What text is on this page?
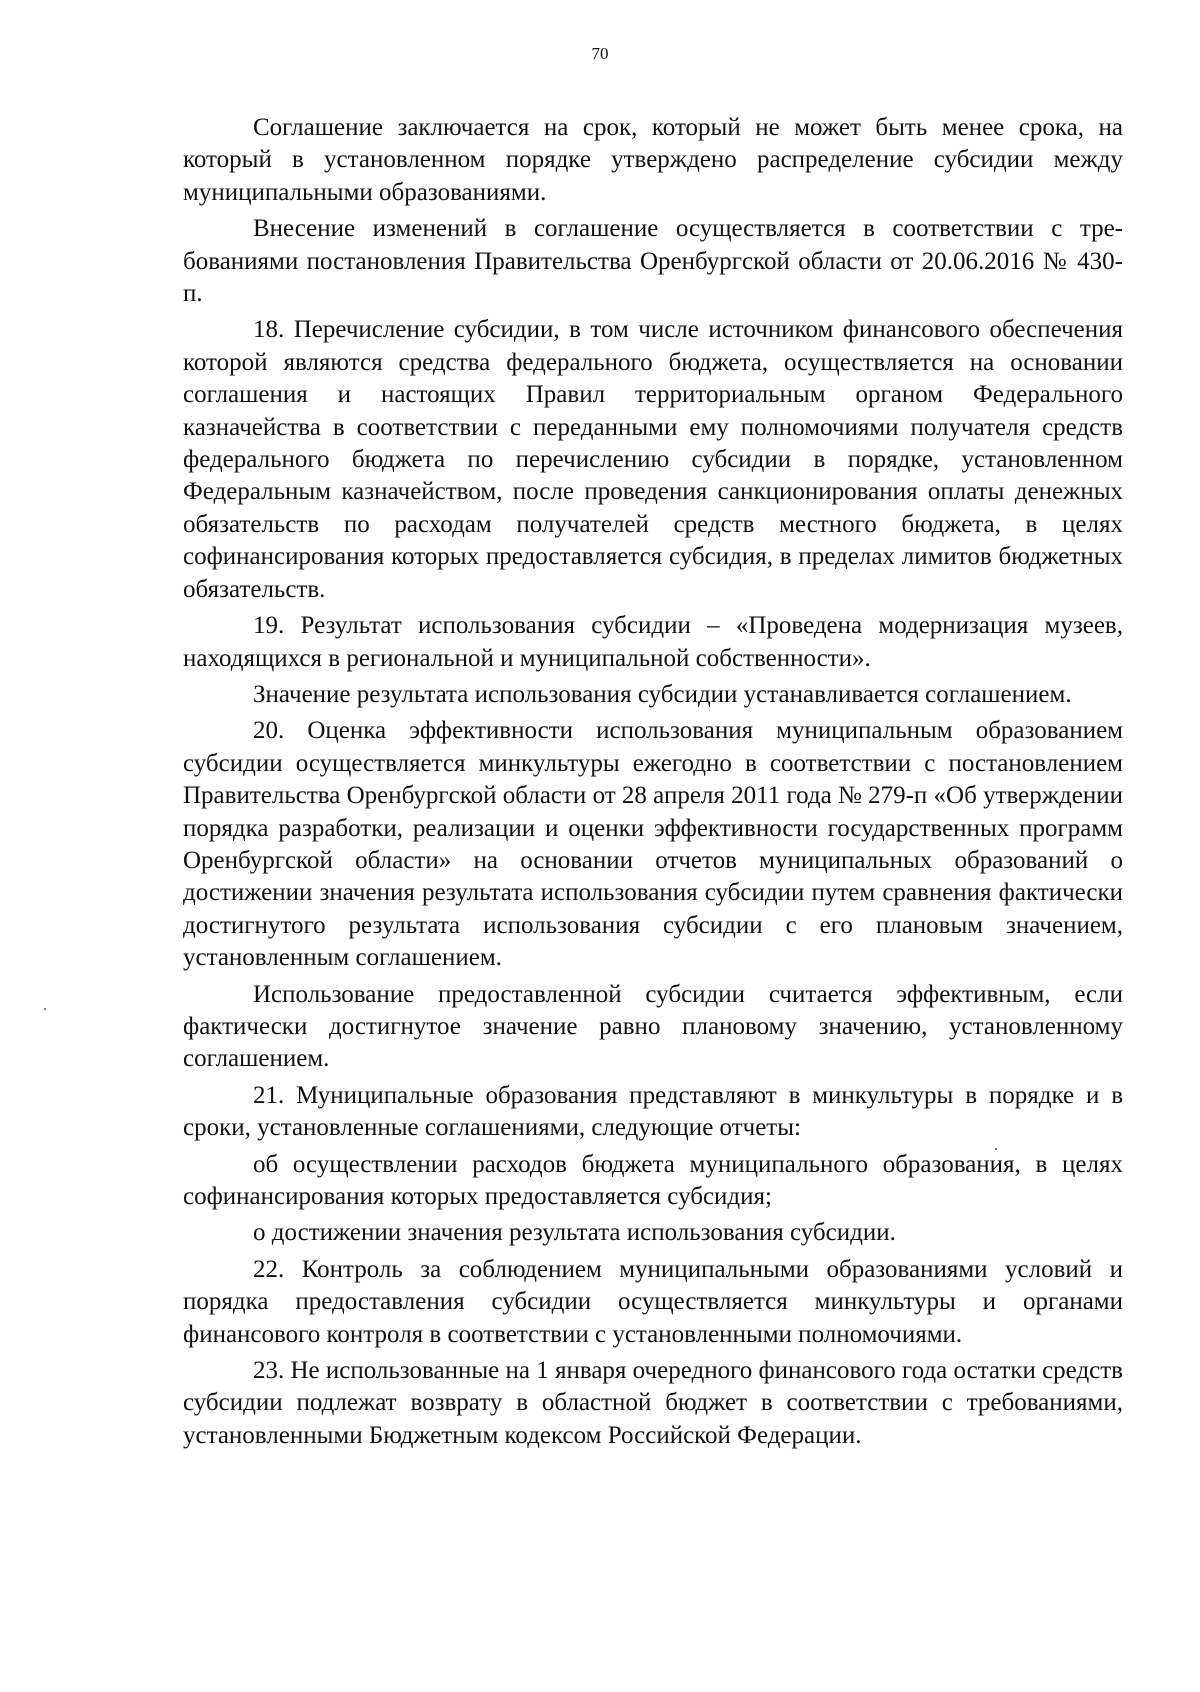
70

Соглашение заключается на срок, который не может быть менее срока, на который в установленном порядке утверждено распределение субсидии между муниципальными образованиями.

Внесение изменений в соглашение осуществляется в соответствии с требованиями постановления Правительства Оренбургской области от 20.06.2016 № 430-п.

18. Перечисление субсидии, в том числе источником финансового обеспечения которой являются средства федерального бюджета, осуществляется на основании соглашения и настоящих Правил территориальным органом Федерального казначейства в соответствии с переданными ему полномочиями получателя средств федерального бюджета по перечислению субсидии в порядке, установленном Федеральным казначейством, после проведения санкционирования оплаты денежных обязательств по расходам получателей средств местного бюджета, в целях софинансирования которых предоставляется субсидия, в пределах лимитов бюджетных обязательств.

19. Результат использования субсидии – «Проведена модернизация музеев, находящихся в региональной и муниципальной собственности».

Значение результата использования субсидии устанавливается соглашением.

20. Оценка эффективности использования муниципальным образованием субсидии осуществляется минкультуры ежегодно в соответствии с постановлением Правительства Оренбургской области от 28 апреля 2011 года № 279-п «Об утверждении порядка разработки, реализации и оценки эффективности государственных программ Оренбургской области» на основании отчетов муниципальных образований о достижении значения результата использования субсидии путем сравнения фактически достигнутого результата использования субсидии с его плановым значением, установленным соглашением.

Использование предоставленной субсидии считается эффективным, если фактически достигнутое значение равно плановому значению, установленному соглашением.

21. Муниципальные образования представляют в минкультуры в порядке и в сроки, установленные соглашениями, следующие отчеты:

об осуществлении расходов бюджета муниципального образования, в целях софинансирования которых предоставляется субсидия;

о достижении значения результата использования субсидии.

22. Контроль за соблюдением муниципальными образованиями условий и порядка предоставления субсидии осуществляется минкультуры и органами финансового контроля в соответствии с установленными полномочиями.

23. Не использованные на 1 января очередного финансового года остатки средств субсидии подлежат возврату в областной бюджет в соответствии с требованиями, установленными Бюджетным кодексом Российской Федерации.
